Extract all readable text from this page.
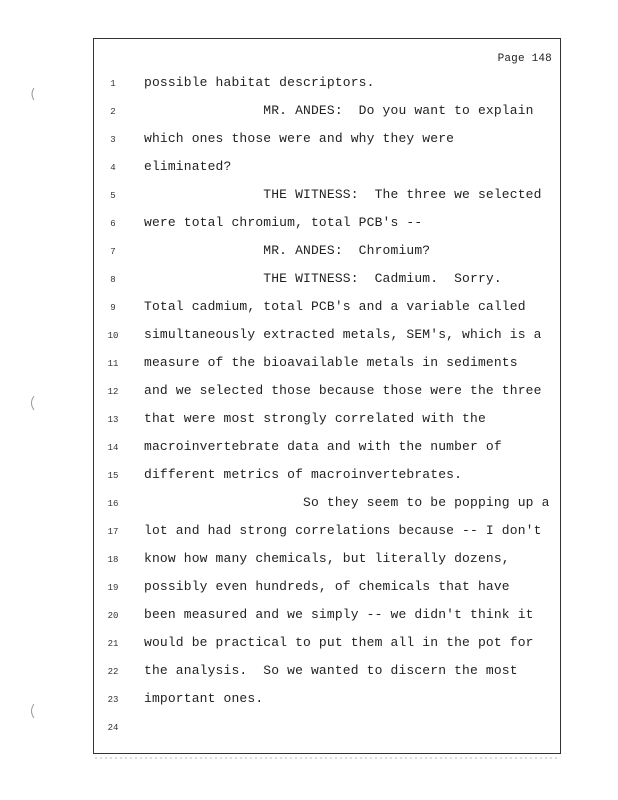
Page 148
1	possible habitat descriptors.
2	MR. ANDES:  Do you want to explain
3	which ones those were and why they were
4	eliminated?
5	THE WITNESS:  The three we selected
6	were total chromium, total PCB's --
7	MR. ANDES:  Chromium?
8	THE WITNESS:  Cadmium.  Sorry.
9	Total cadmium, total PCB's and a variable called
10	simultaneously extracted metals, SEM's, which is a
11	measure of the bioavailable metals in sediments
12	and we selected those because those were the three
13	that were most strongly correlated with the
14	macroinvertebrate data and with the number of
15	different metrics of macroinvertebrates.
16	So they seem to be popping up a
17	lot and had strong correlations because -- I don't
18	know how many chemicals, but literally dozens,
19	possibly even hundreds, of chemicals that have
20	been measured and we simply -- we didn't think it
21	would be practical to put them all in the pot for
22	the analysis.  So we wanted to discern the most
23	important ones.
24
